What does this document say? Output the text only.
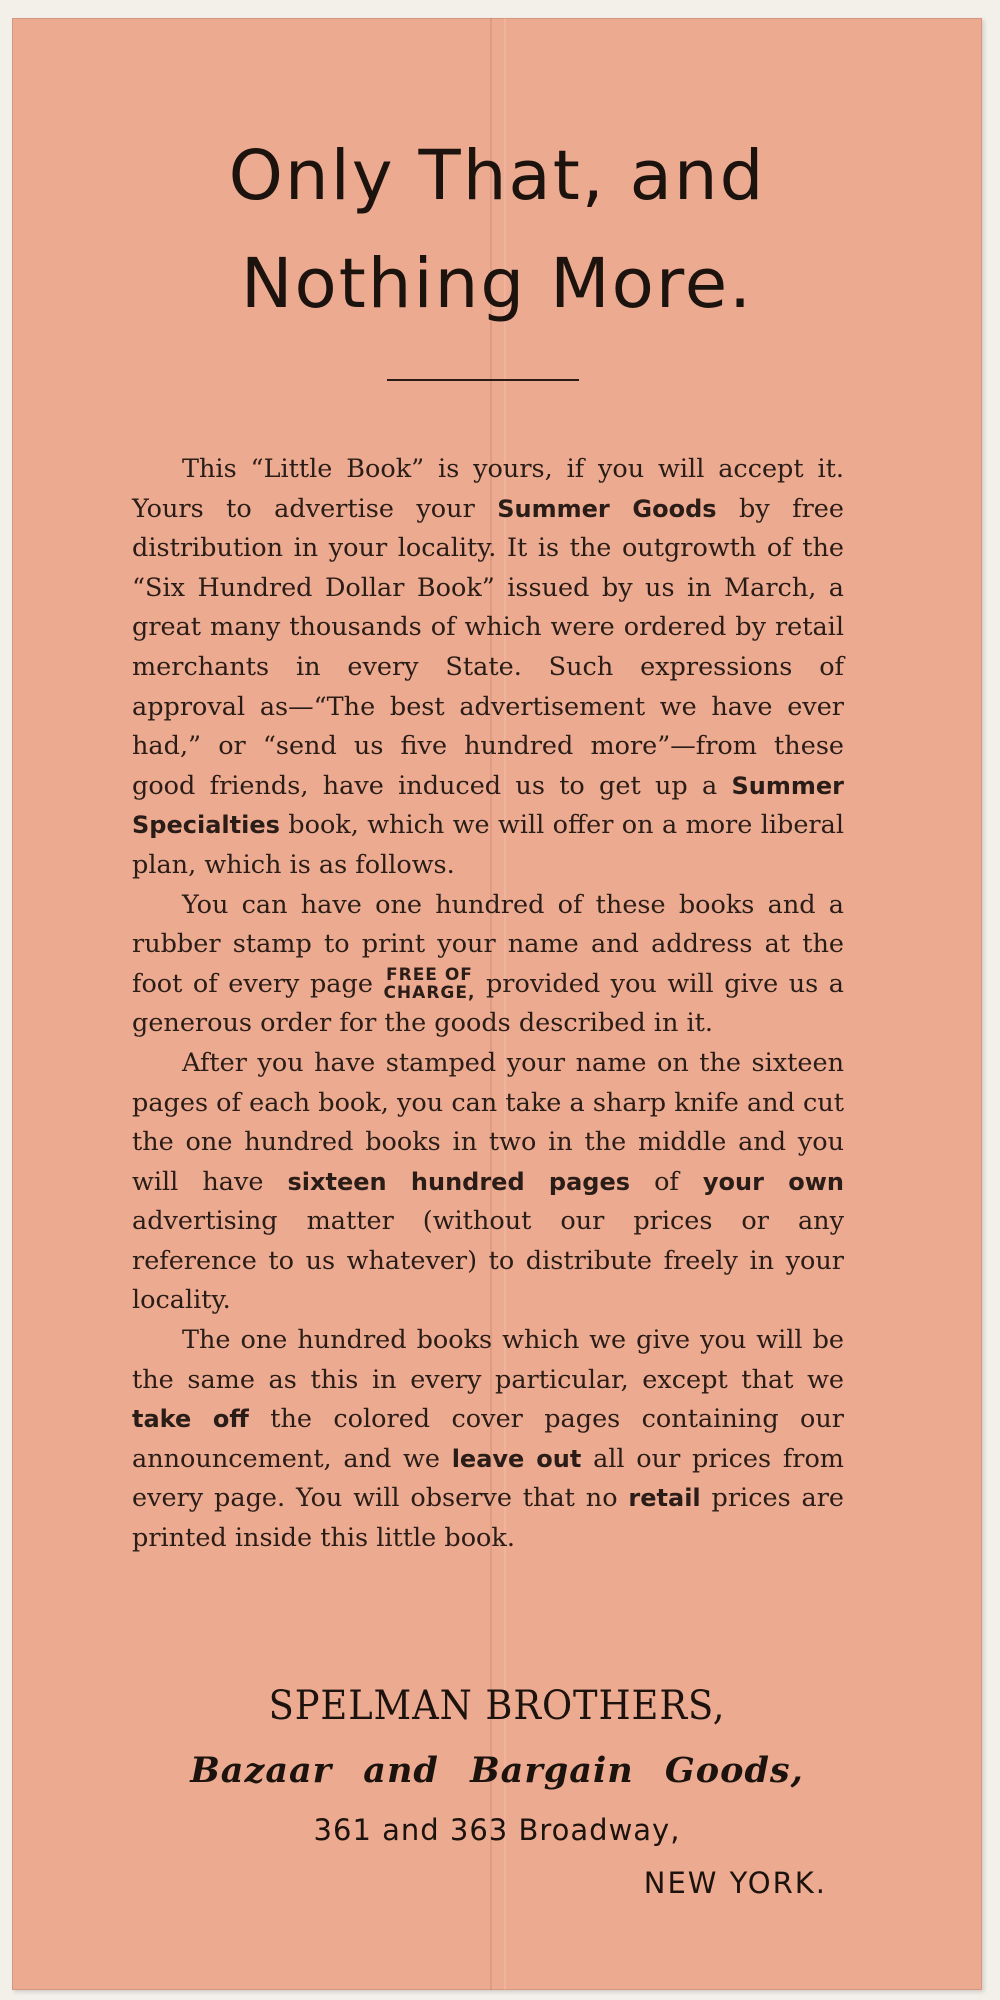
Only That, and
Nothing More.

This “Little Book” is yours, if you will accept it. Yours to advertise your Summer Goods by free distribution in your locality. It is the outgrowth of the “Six Hundred Dollar Book” issued by us in March, a great many thousands of which were ordered by retail merchants in every State. Such expressions of approval as—“The best advertisement we have ever had,” or “send us five hundred more”—from these good friends, have induced us to get up a Summer Specialties book, which we will offer on a more liberal plan, which is as follows.

You can have one hundred of these books and a rubber stamp to print your name and address at the foot of every page FREE OF
CHARGE, provided you will give us a generous order for the goods described in it.

After you have stamped your name on the sixteen pages of each book, you can take a sharp knife and cut the one hundred books in two in the middle and you will have sixteen hundred pages of your own advertising matter (without our prices or any reference to us whatever) to distribute freely in your locality.

The one hundred books which we give you will be the same as this in every particular, except that we take off the colored cover pages containing our announcement, and we leave out all our prices from every page. You will observe that no retail prices are printed inside this little book.

SPELMAN BROTHERS,

Bazaar and Bargain Goods,

361 and 363 Broadway,

NEW YORK.
